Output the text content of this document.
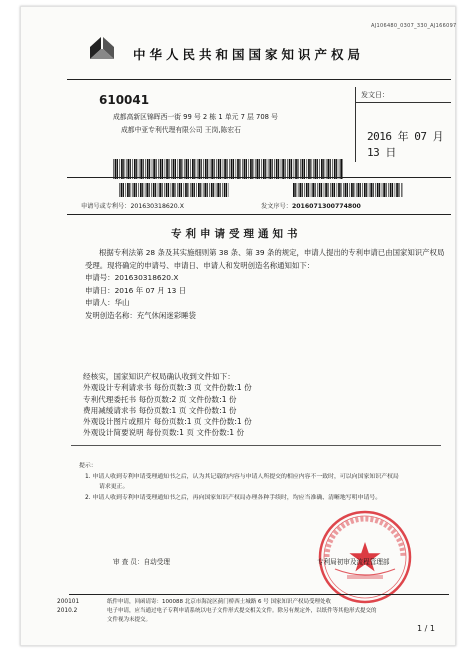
AJ106480_0307_330_AJ166097
中华人民共和国国家知识产权局
发文日：
2016 年 07 月 13 日
610041
成都高新区锦晖西一街 99 号 2 栋 1 单元 7 层 708 号
成都中亚专利代理有限公司 王岗,陈宏石
申请号或专利号：201630318620.X	发文序号：2016071300774800
专利申请受理通知书
根据专利法第 28 条及其实施细则第 38 条、第 39 条的规定，申请人提出的专利申请已由国家知识产权局
受理。现将确定的申请号、申请日、申请人和发明创造名称通知如下：
申请号：201630318620.X
申请日：2016 年 07 月 13 日
申请人：华山
发明创造名称：充气休闲迷彩睡袋
经核实，国家知识产权局确认收到文件如下：
外观设计专利请求书 每份页数:3 页 文件份数:1 份
专利代理委托书 每份页数:2 页 文件份数:1 份
费用减缓请求书 每份页数:1 页 文件份数:1 份
外观设计图片或照片 每份页数:1 页 文件份数:1 份
外观设计简要说明 每份页数:1 页 文件份数:1 份
提示：
1. 申请人收到专利申请受理通知书之后，认为其记载的内容与申请人所提交的相应内容不一致时，可以向国家知识产权局
请求更正。
2. 申请人收到专利申请受理通知书之后，再向国家知识产权局办理各种手续时，均应当准确、清晰地写明申请号。
审 查 员：自动受理	专利局初审及流程管理部
200101
2010.2
纸件申请，回函请寄：100088 北京市海淀区蓟门桥西土城路 6 号 国家知识产权局受理处收
电子申请，应当通过电子专利申请系统以电子文件形式提交相关文件。除另有规定外，以纸件等其他形式提交的
文件视为未提交。
1 / 1
